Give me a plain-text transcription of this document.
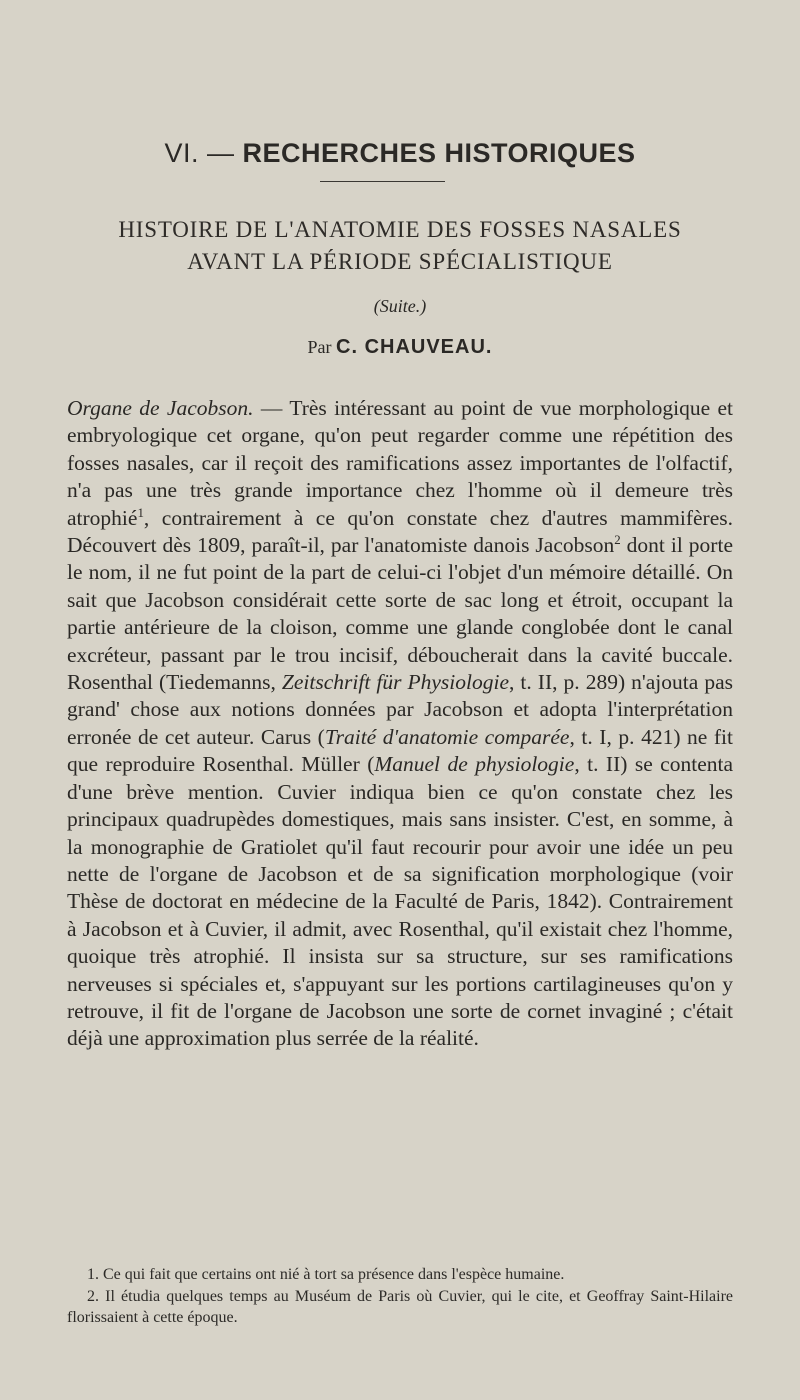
VI. — RECHERCHES HISTORIQUES
HISTOIRE DE L'ANATOMIE DES FOSSES NASALES
AVANT LA PÉRIODE SPÉCIALISTIQUE
(Suite.)
Par C. CHAUVEAU.

Organe de Jacobson. — Très intéressant au point de vue morphologique et embryologique cet organe, qu'on peut regarder comme une répétition des fosses nasales, car il reçoit des ramifications assez importantes de l'olfactif, n'a pas une très grande importance chez l'homme où il demeure très atrophié$^1$, contrairement à ce qu'on constate chez d'autres mammifères. Découvert dès 1809, paraît-il, par l'anatomiste danois Jacobson$^2$ dont il porte le nom, il ne fut point de la part de celui-ci l'objet d'un mémoire détaillé. On sait que Jacobson considérait cette sorte de sac long et étroit, occupant la partie antérieure de la cloison, comme une glande conglobée dont le canal excréteur, passant par le trou incisif, déboucherait dans la cavité buccale. Rosenthal (Tiedemanns, Zeitschrift für Physiologie, t. II, p. 289) n'ajouta pas grand' chose aux notions données par Jacobson et adopta l'interprétation erronée de cet auteur. Carus (Traité d'anatomie comparée, t. I, p. 421) ne fit que reproduire Rosenthal. Müller (Manuel de physiologie, t. II) se contenta d'une brève mention. Cuvier indiqua bien ce qu'on constate chez les principaux quadrupèdes domestiques, mais sans insister. C'est, en somme, à la monographie de Gratiolet qu'il faut recourir pour avoir une idée un peu nette de l'organe de Jacobson et de sa signification morphologique (voir Thèse de doctorat en médecine de la Faculté de Paris, 1842). Contrairement à Jacobson et à Cuvier, il admit, avec Rosenthal, qu'il existait chez l'homme, quoique très atrophié. Il insista sur sa structure, sur ses ramifications nerveuses si spéciales et, s'appuyant sur les portions cartilagineuses qu'on y retrouve, il fit de l'organe de Jacobson une sorte de cornet invaginé ; c'était déjà une approximation plus serrée de la réalité.

1. Ce qui fait que certains ont nié à tort sa présence dans l'espèce humaine.

2. Il étudia quelques temps au Muséum de Paris où Cuvier, qui le cite, et Geoffray Saint-Hilaire florissaient à cette époque.
